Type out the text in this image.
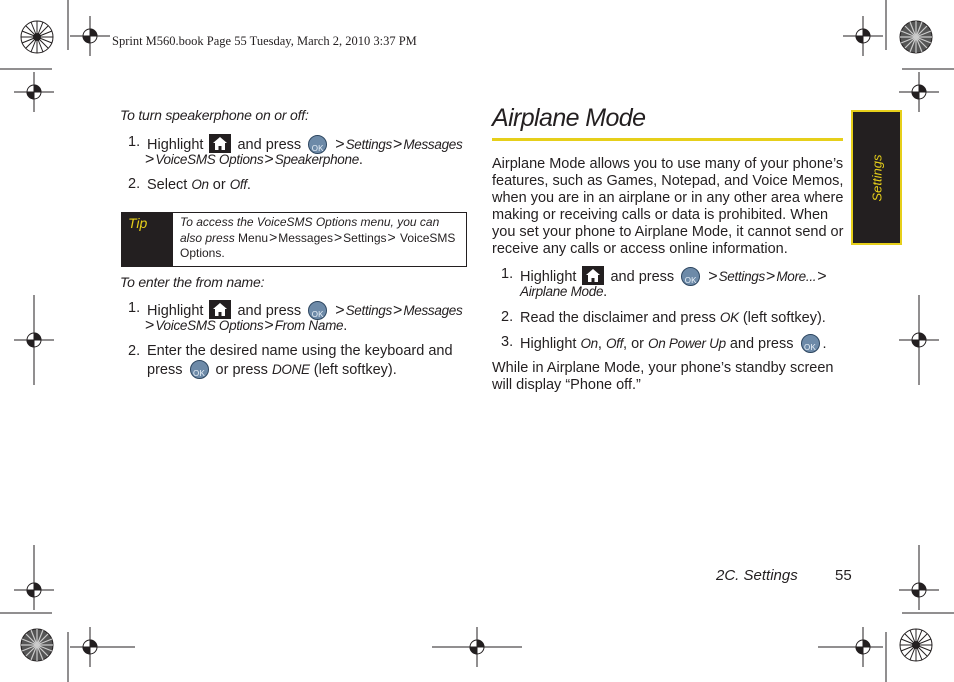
Sprint M560.book Page 55 Tuesday, March 2, 2010 3:37 PM
To turn speakerphone on or off:
1. Highlight and press	OK >Settings>Messages
>VoiceSMS Options>Speakerphone.
2. Select On or Off.
Tip	To access the VoiceSMS Options menu, you can also press Menu>Messages>Settings> VoiceSMS Options.
To enter the from name:
1. Highlight and press	OK >Settings>Messages
>VoiceSMS Options>From Name.
2. Enter the desired name using the keyboard and
press	OK or press DONE (left softkey).
Airplane Mode
Airplane Mode allows you to use many of your phone’s
features, such as Games, Notepad, and Voice Memos,
when you are in an airplane or in any other area where
making or receiving calls or data is prohibited. When
you set your phone to Airplane Mode, it cannot send or
receive any calls or access online information.
1. Highlight and press	OK >Settings>More...>
Airplane Mode.
2. Read the disclaimer and press OK (left softkey).
3. Highlight On, Off, or On Power Up and press	OK .
While in Airplane Mode, your phone’s standby screen
will display “Phone off.”
Settings
2C. Settings 55
